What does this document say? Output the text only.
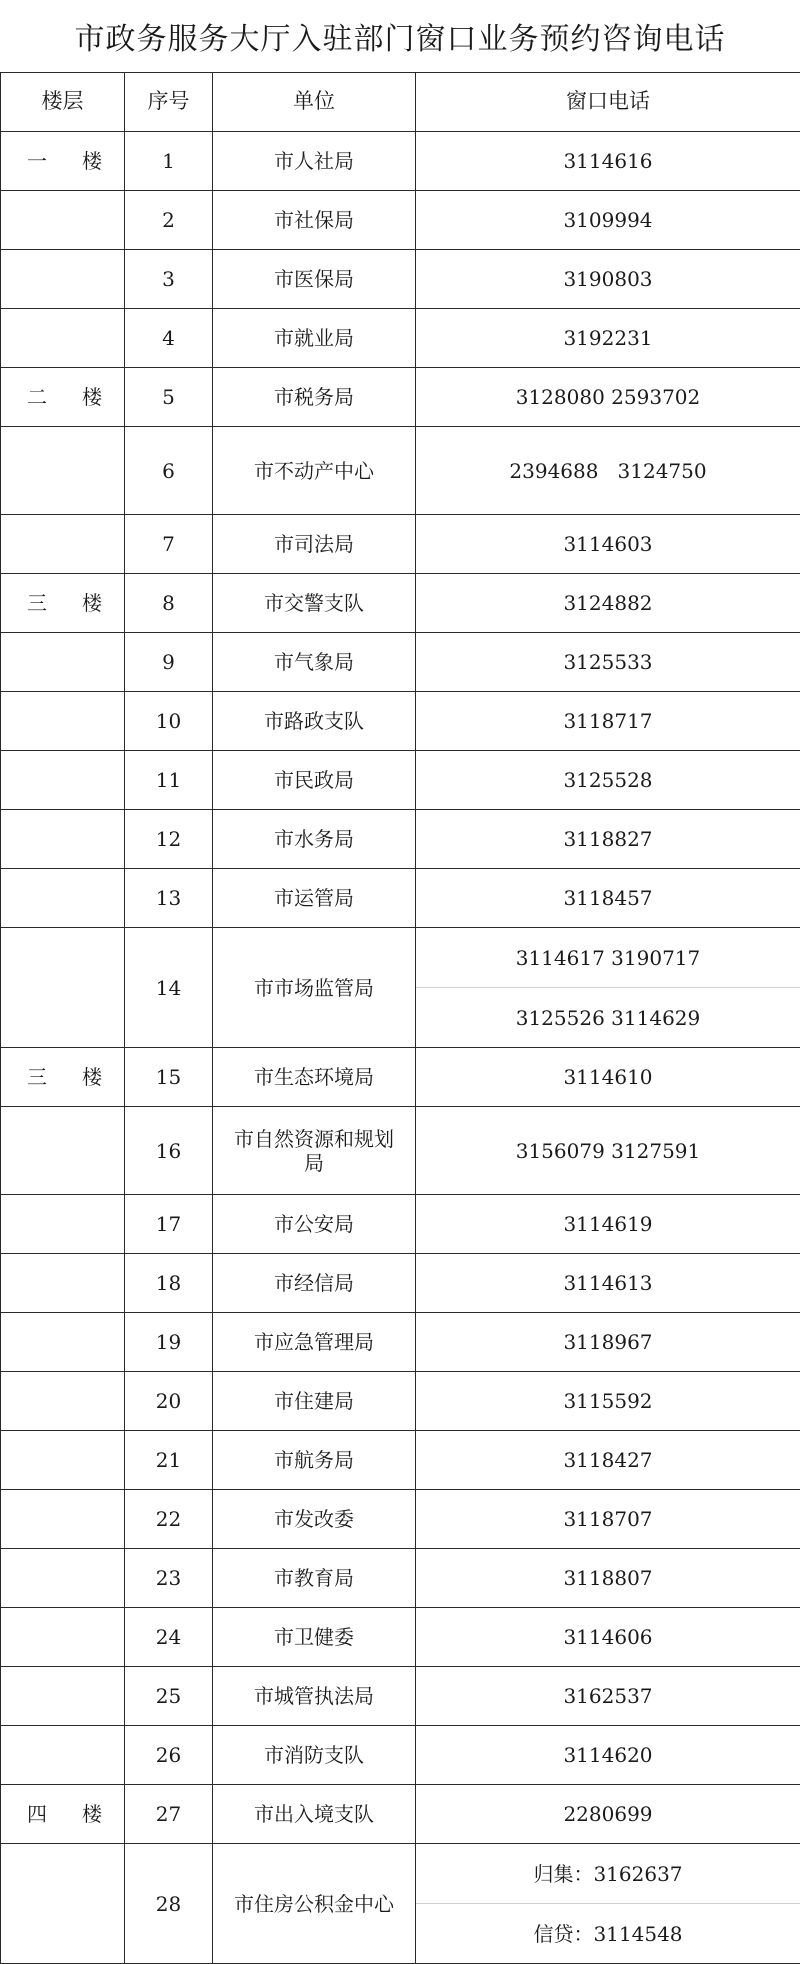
市政务服务大厅入驻部门窗口业务预约咨询电话
楼层	序号	单位	窗口电话
一 楼	1	市人社局	3114616
	2	市社保局	3109994
	3	市医保局	3190803
	4	市就业局	3192231
二 楼	5	市税务局	3128080 2593702
	6	市不动产中心	2394688   3124750
	7	市司法局	3114603
三 楼	8	市交警支队	3124882
	9	市气象局	3125533
	10	市路政支队	3118717
	11	市民政局	3125528
	12	市水务局	3118827
	13	市运管局	3118457
	14	市市场监管局	3114617 3190717
3125526 3114629

三 楼	15	市生态环境局	3114610
	16	市自然资源和规划局	3156079 3127591
	17	市公安局	3114619
	18	市经信局	3114613
	19	市应急管理局	3118967
	20	市住建局	3115592
	21	市航务局	3118427
	22	市发改委	3118707
	23	市教育局	3118807
	24	市卫健委	3114606
	25	市城管执法局	3162537
	26	市消防支队	3114620
四 楼	27	市出入境支队	2280699
	28	市住房公积金中心	归集：3162637
信贷：3114548
